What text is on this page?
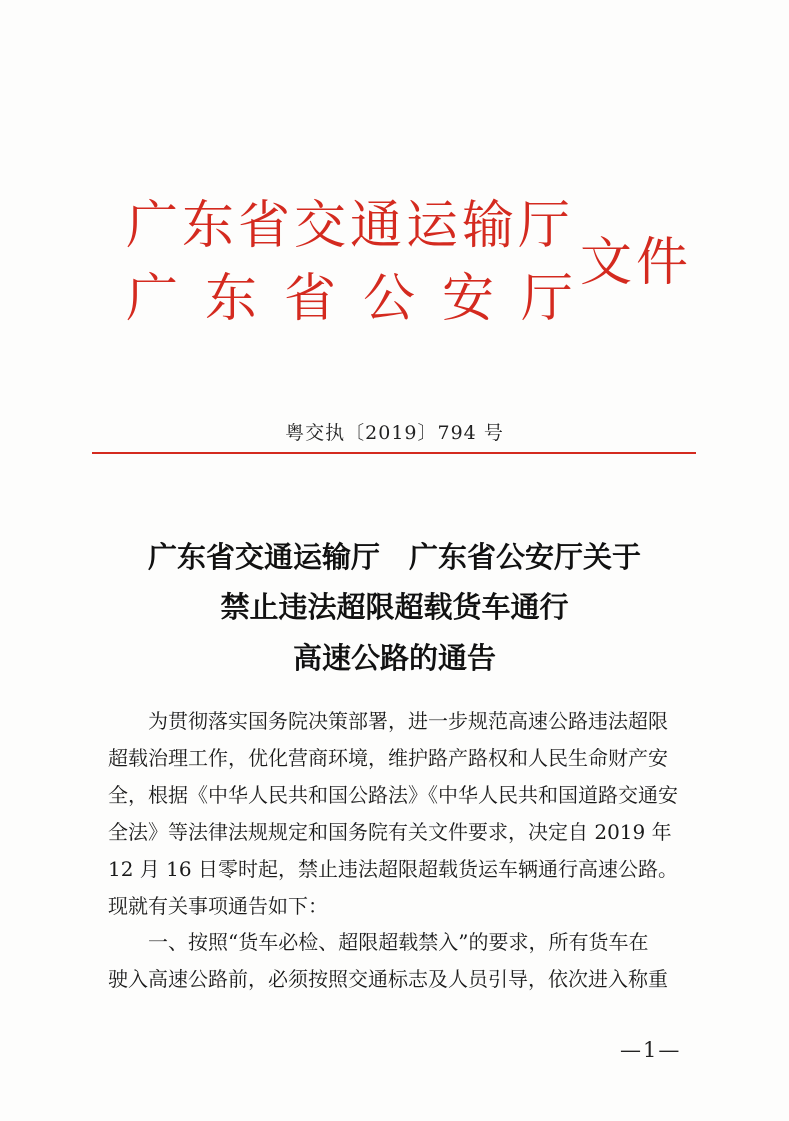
广东省交通运输厅
广东省公安厅
文件
粤交执〔2019〕794 号
广东省交通运输厅　广东省公安厅关于
禁止违法超限超载货车通行
高速公路的通告
　　为贯彻落实国务院决策部署，进一步规范高速公路违法超限
超载治理工作，优化营商环境，维护路产路权和人民生命财产安
全，根据《中华人民共和国公路法》《中华人民共和国道路交通安
全法》等法律法规规定和国务院有关文件要求，决定自 2019 年
12 月 16 日零时起，禁止违法超限超载货运车辆通行高速公路。
现就有关事项通告如下：
　　一、按照“货车必检、超限超载禁入”的要求，所有货车在
驶入高速公路前，必须按照交通标志及人员引导，依次进入称重
—1—
